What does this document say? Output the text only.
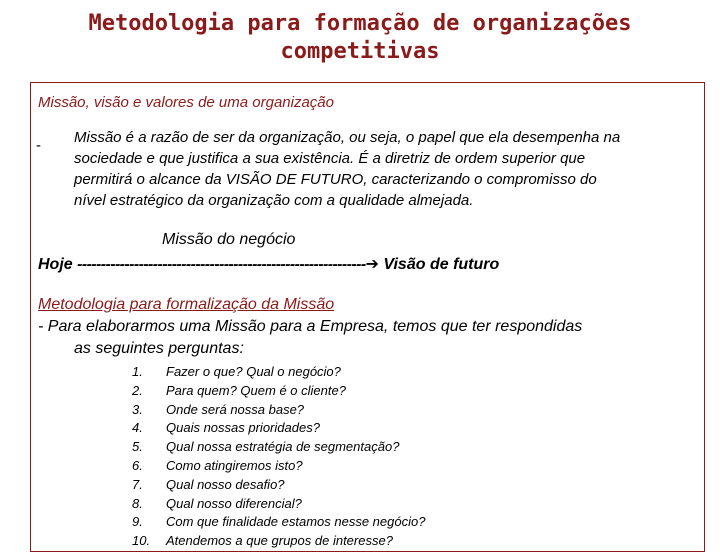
Metodologia para formação de organizações
competitivas
Missão, visão e valores de uma organização
- Missão é a razão de ser da organização, ou seja, o papel que ela desempenha na
sociedade e que justifica a sua existência. É a diretriz de ordem superior que
permitirá o alcance da VISÃO DE FUTURO, caracterizando o compromisso do
nível estratégico da organização com a qualidade almejada.
Missão do negócio
Hoje -------------------------------------------------------------➔ Visão de futuro
Metodologia para formalização da Missão
- Para elaborarmos uma Missão para a Empresa, temos que ter respondidas
as seguintes perguntas:
1. Fazer o que? Qual o negócio?
2. Para quem? Quem é o cliente?
3. Onde será nossa base?
4. Quais nossas prioridades?
5. Qual nossa estratégia de segmentação?
6. Como atingiremos isto?
7. Qual nosso desafio?
8. Qual nosso diferencial?
9. Com que finalidade estamos nesse negócio?
10. Atendemos a que grupos de interesse?
